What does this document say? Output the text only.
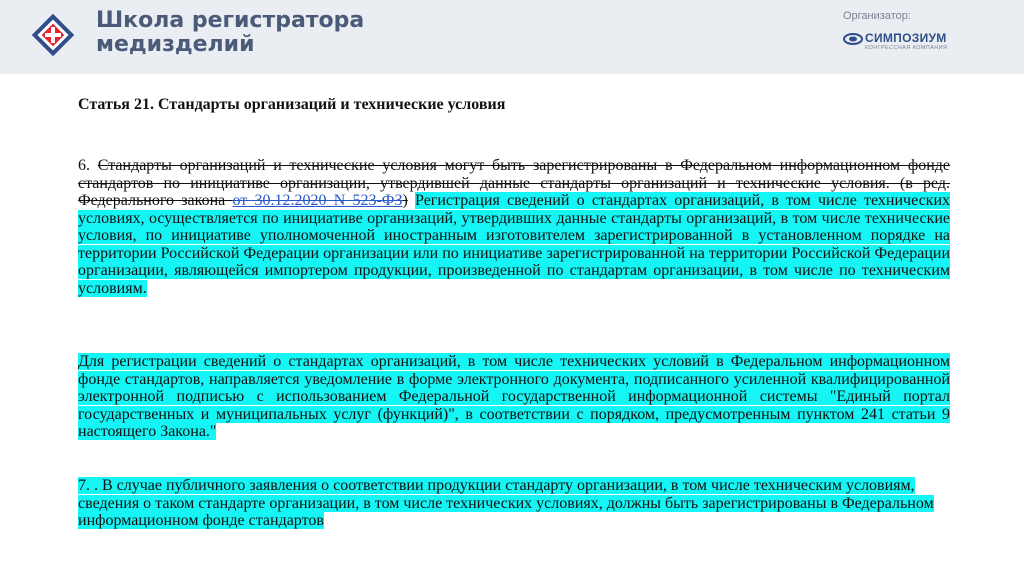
Школа регистратора
медизделий
Организатор:
СИМПОЗИУМ
КОНГРЕССНАЯ КОМПАНИЯ
Статья 21. Стандарты организаций и технические условия
6. Стандарты организаций и технические условия могут быть зарегистрированы в Федеральном информационном фонде стандартов по инициативе организации, утвердившей данные стандарты организаций и технические условия. (в ред. Федерального закона от 30.12.2020 N 523-ФЗ) Регистрация сведений о стандартах организаций, в том числе технических условиях, осуществляется по инициативе организаций, утвердивших данные стандарты организаций, в том числе технические условия, по инициативе уполномоченной иностранным изготовителем зарегистрированной в установленном порядке на территории Российской Федерации организации или по инициативе зарегистрированной на территории Российской Федерации организации, являющейся импортером продукции, произведенной по стандартам организации, в том числе по техническим условиям.
Для регистрации сведений о стандартах организаций, в том числе технических условий в Федеральном информационном фонде стандартов, направляется уведомление в форме электронного документа, подписанного усиленной квалифицированной электронной подписью с использованием Федеральной государственной информационной системы "Единый портал государственных и муниципальных услуг (функций)", в соответствии с порядком, предусмотренным пунктом 241 статьи 9 настоящего Закона."
7. . В случае публичного заявления о соответствии продукции стандарту организации, в том числе техническим условиям, сведения о таком стандарте организации, в том числе технических условиях, должны быть зарегистрированы в Федеральном информационном фонде стандартов
